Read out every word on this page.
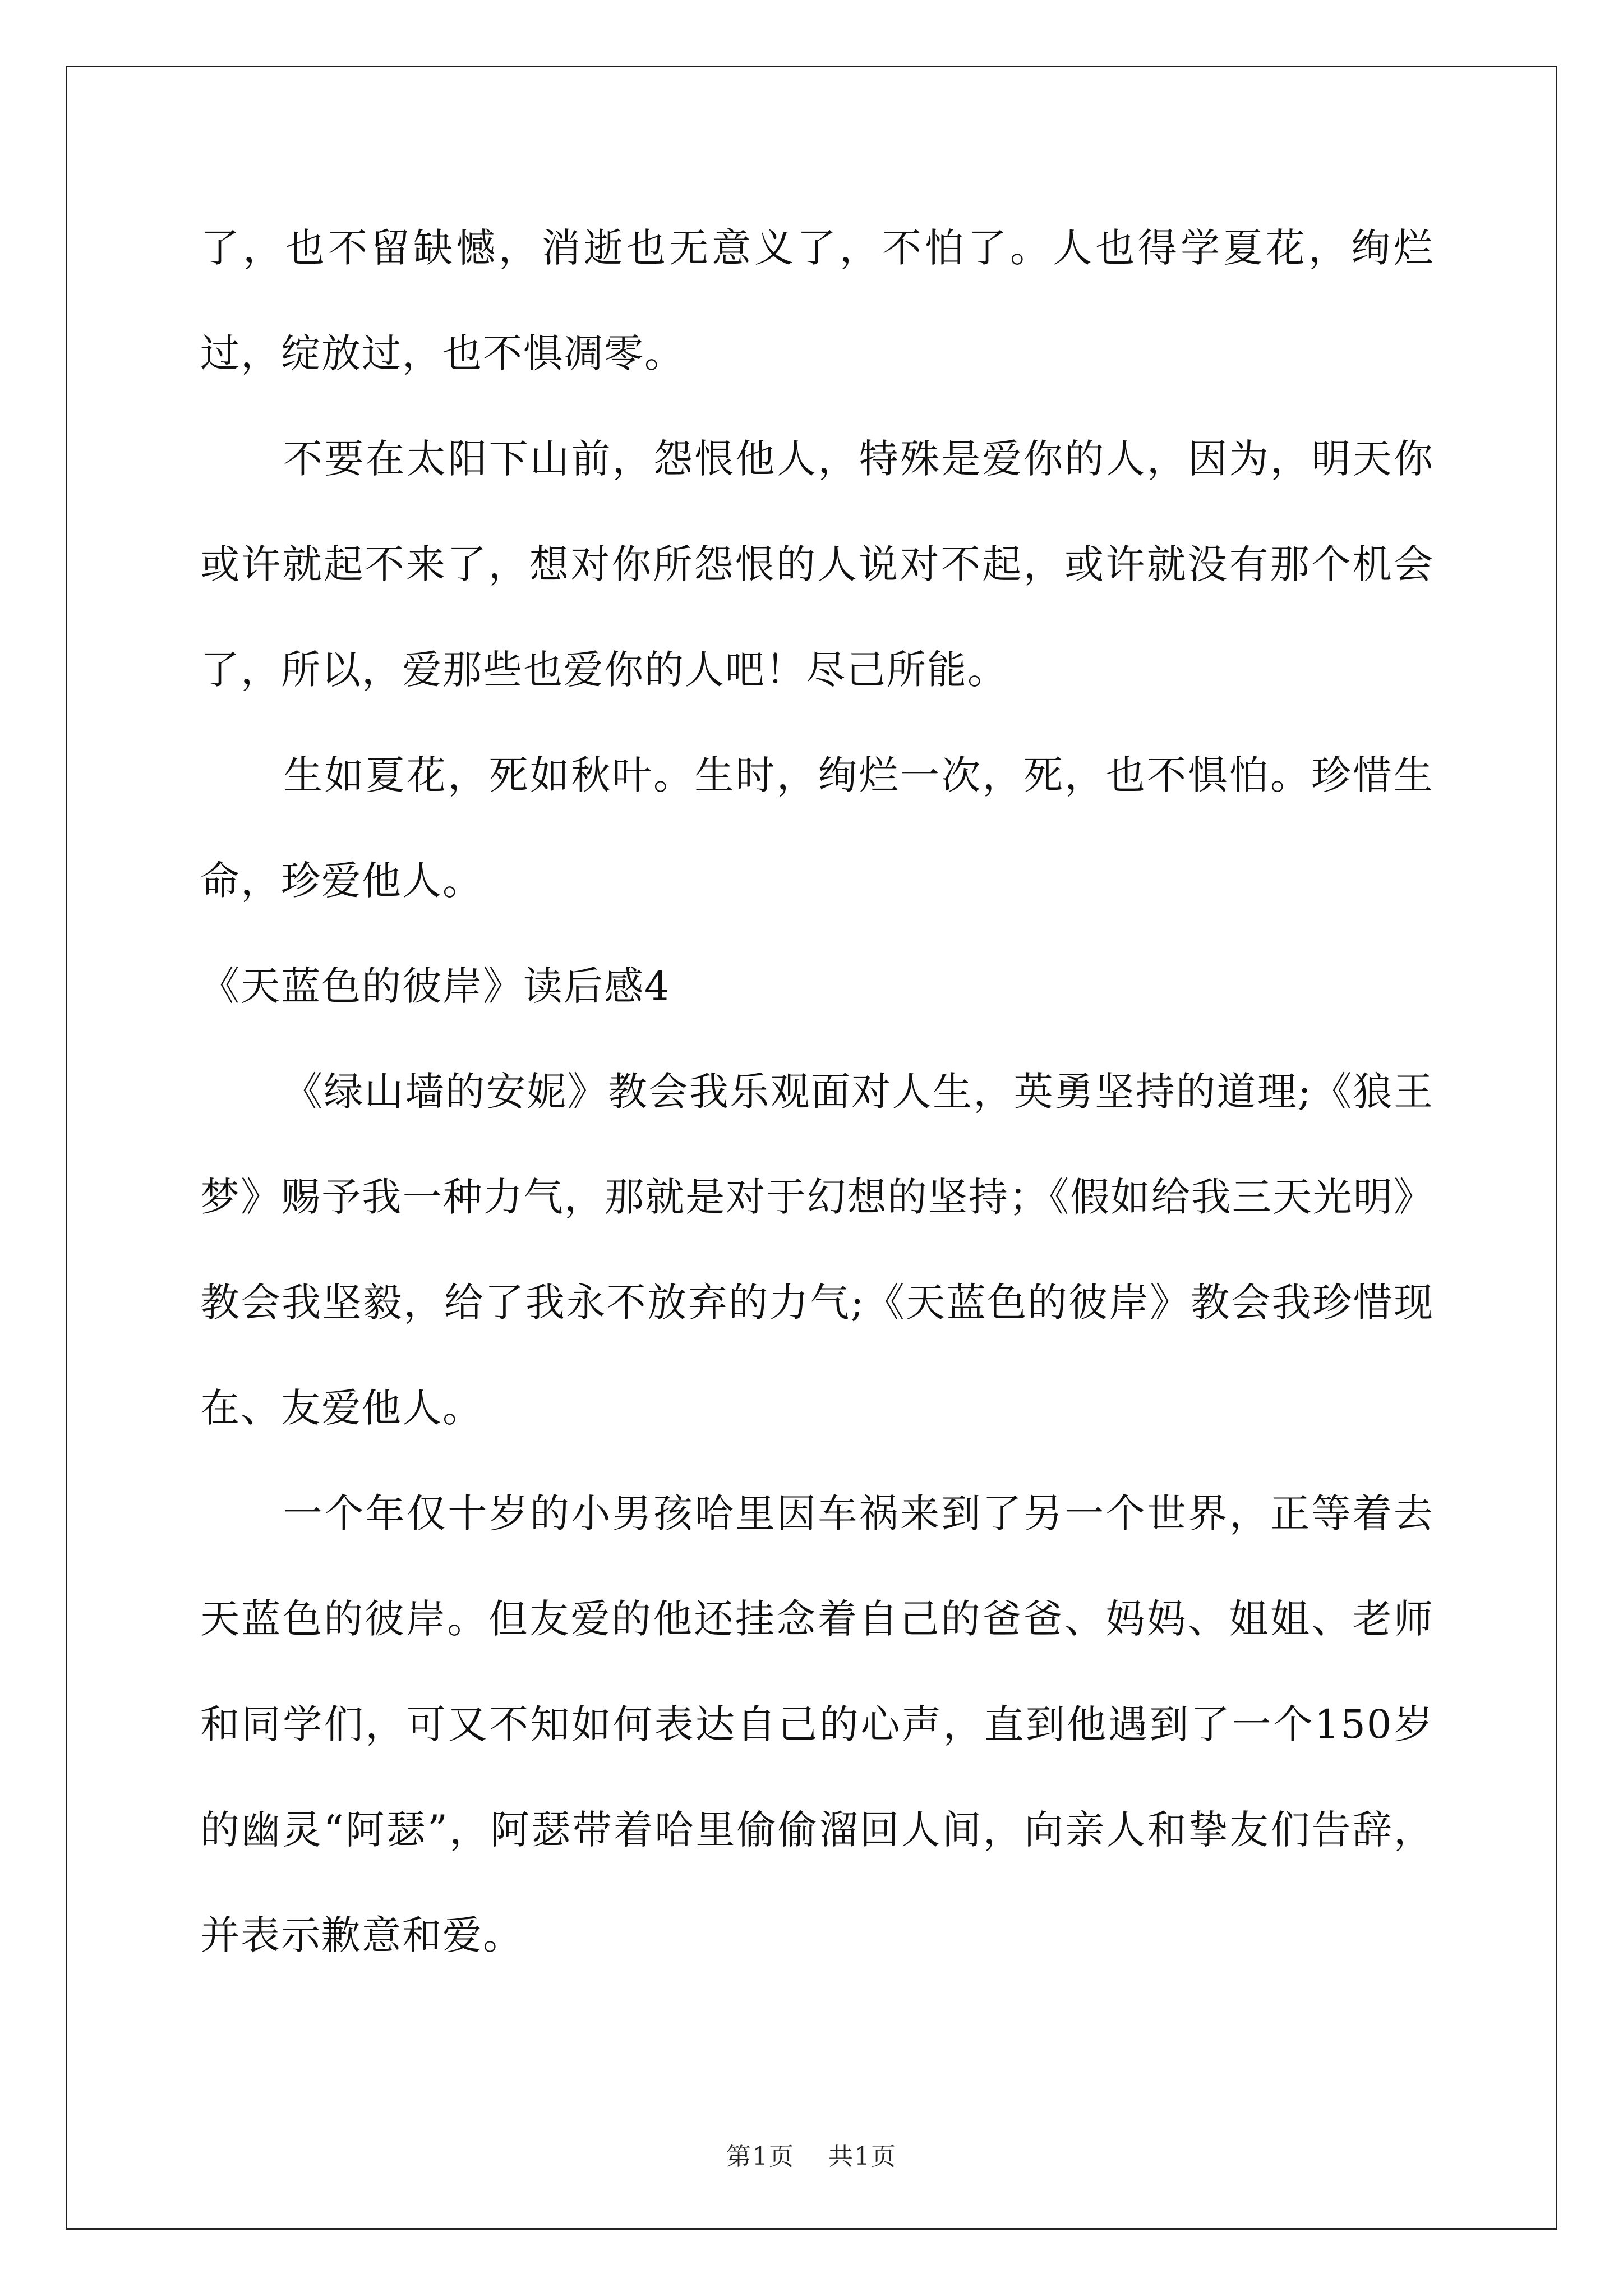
了，也不留缺憾，消逝也无意义了，不怕了。人也得学夏花，绚烂过，绽放过，也不惧凋零。

不要在太阳下山前，怨恨他人，特殊是爱你的人，因为，明天你或许就起不来了，想对你所怨恨的人说对不起，或许就没有那个机会了，所以，爱那些也爱你的人吧！尽己所能。

生如夏花，死如秋叶。生时，绚烂一次，死，也不惧怕。珍惜生命，珍爱他人。

《天蓝色的彼岸》读后感4

《绿山墙的安妮》教会我乐观面对人生，英勇坚持的道理;《狼王梦》赐予我一种力气，那就是对于幻想的坚持；《假如给我三天光明》教会我坚毅，给了我永不放弃的力气;《天蓝色的彼岸》教会我珍惜现在、友爱他人。

一个年仅十岁的小男孩哈里因车祸来到了另一个世界，正等着去天蓝色的彼岸。但友爱的他还挂念着自己的爸爸、妈妈、姐姐、老师和同学们，可又不知如何表达自己的心声，直到他遇到了一个150岁的幽灵“阿瑟”，阿瑟带着哈里偷偷溜回人间，向亲人和挚友们告辞，并表示歉意和爱。

第1页 共1页
